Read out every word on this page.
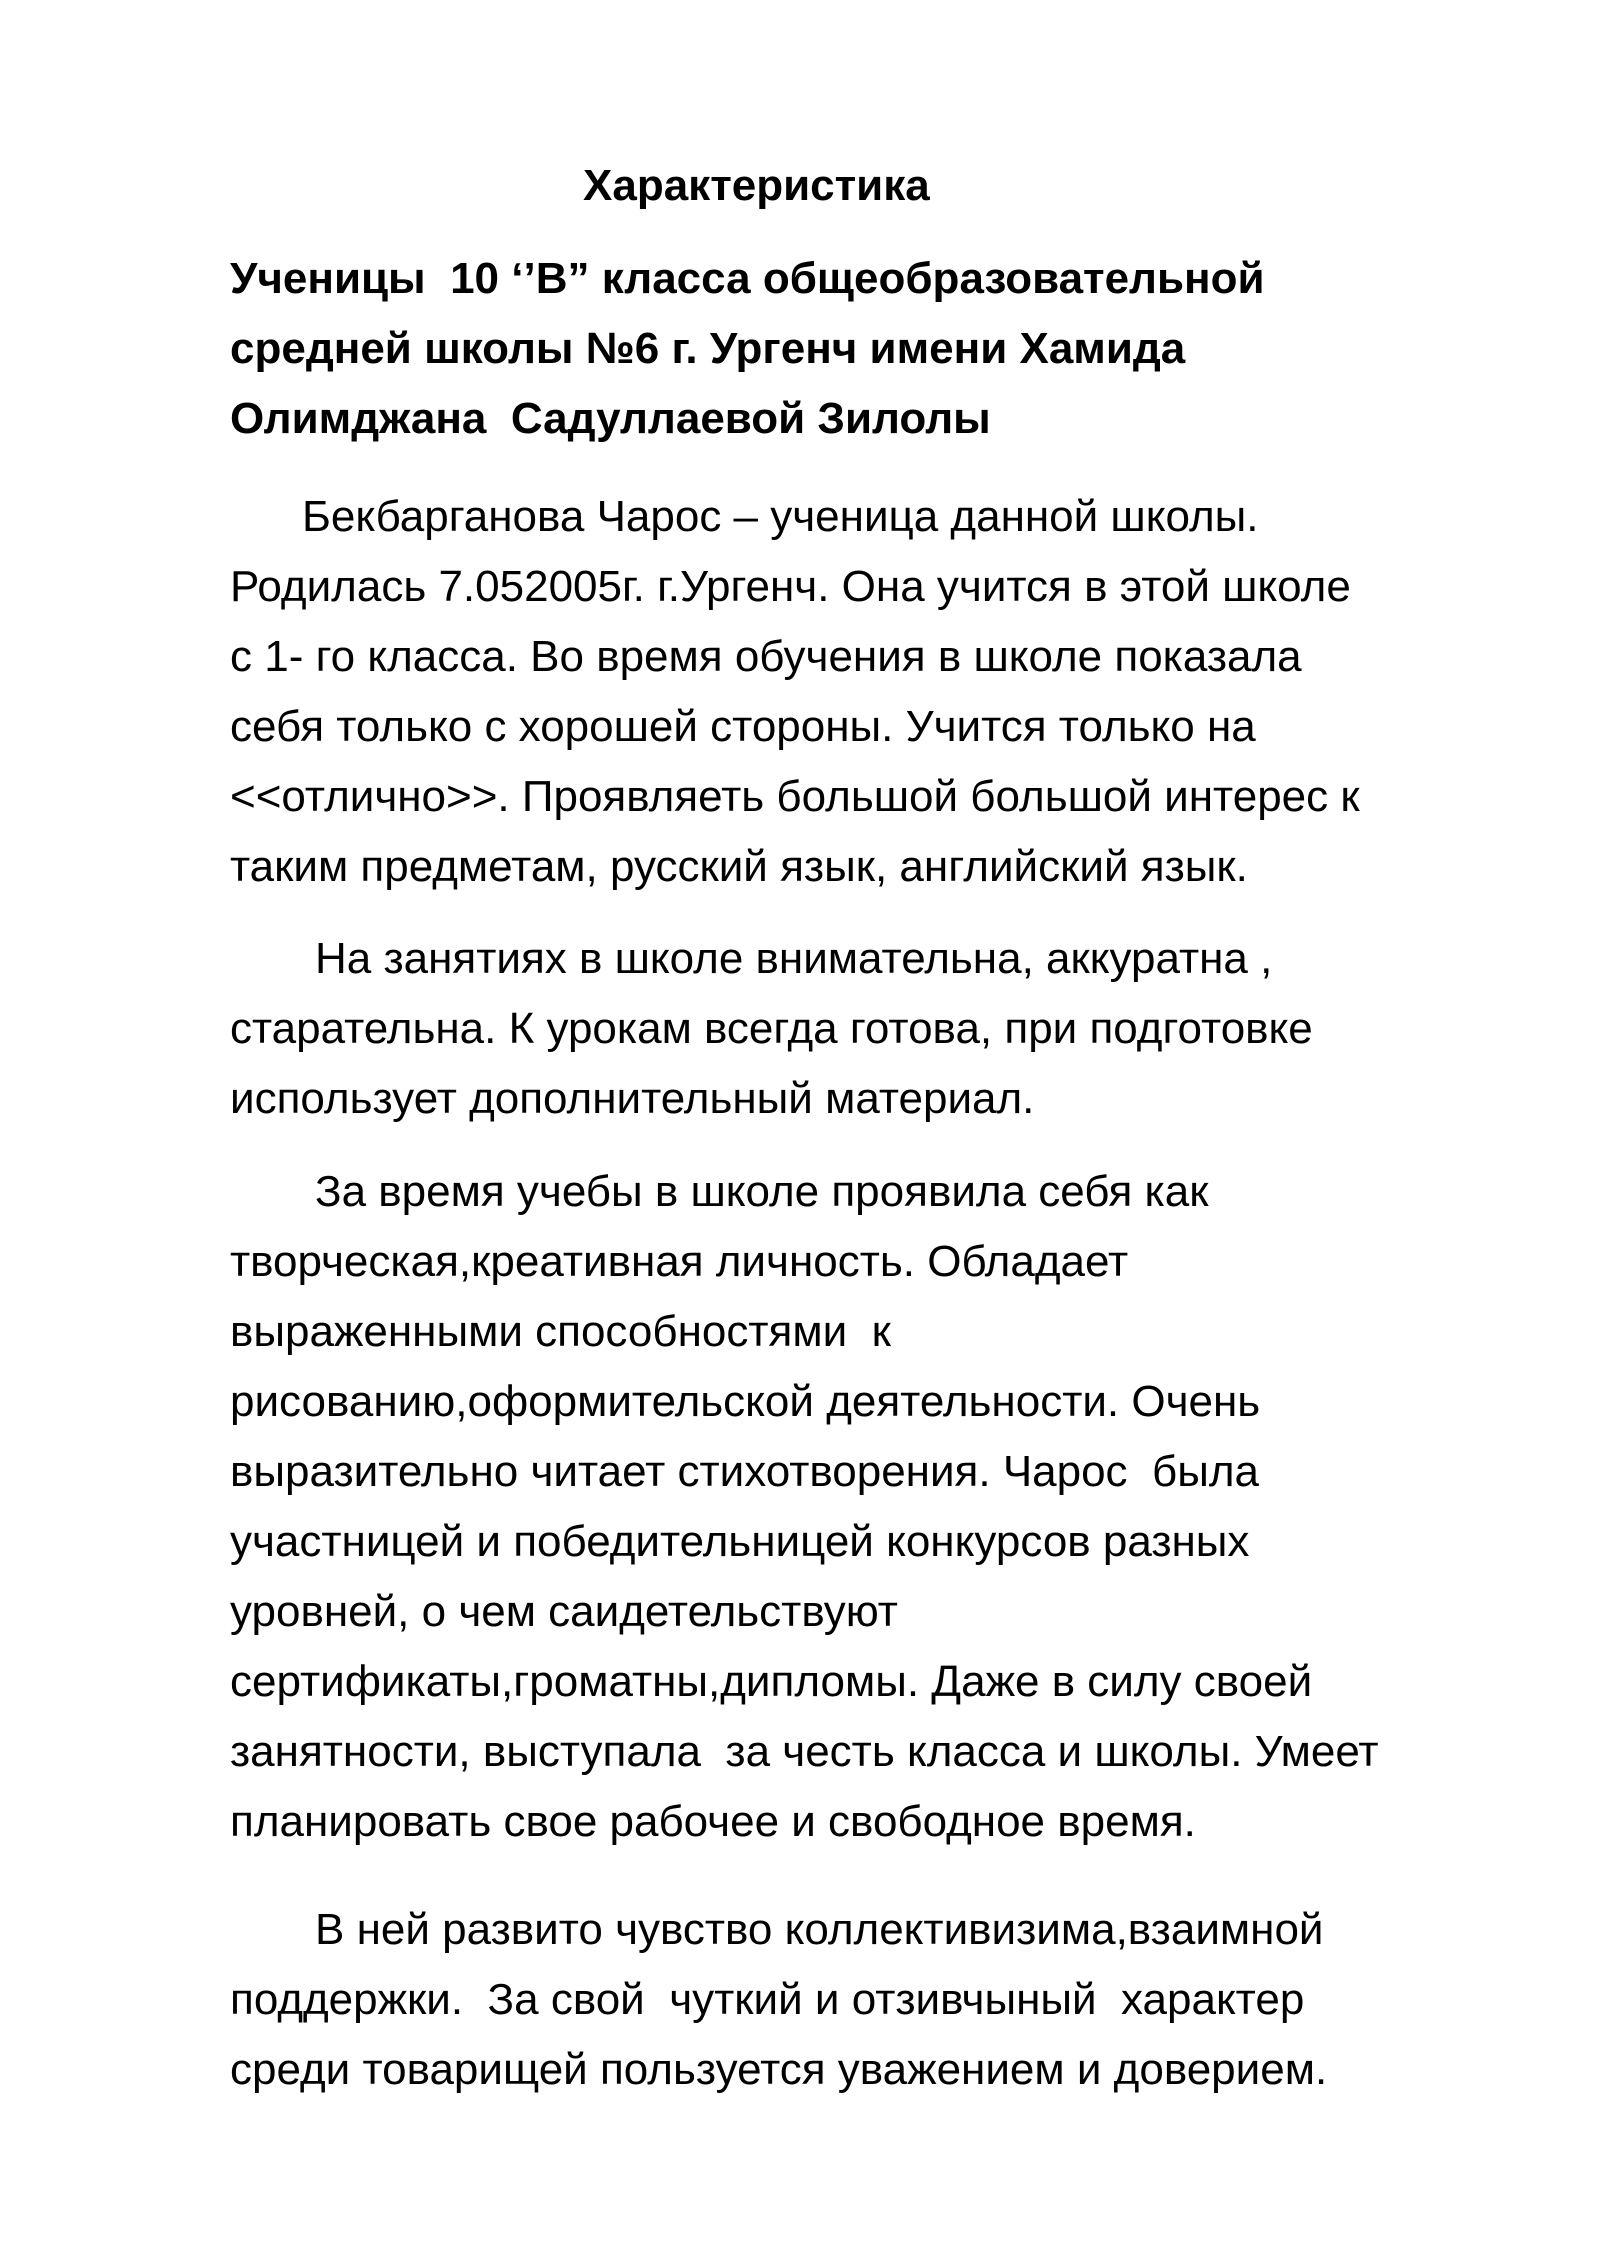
Характеристика
Ученицы  10 ‘’В” класса общеобразовательной
средней школы №6 г. Ургенч имени Хамида
Олимджана  Садуллаевой Зилолы
Бекбарганова Чарос – ученица данной школы.
Родилась 7.052005г. г.Ургенч. Она учится в этой школе
с 1- го класса. Во время обучения в школе показала
себя только с хорошей стороны. Учится только на
<<отлично>>. Проявляеть большой большой интерес к
таким предметам, русский язык, английский язык.
На занятиях в школе внимательна, аккуратна ,
старательна. К урокам всегда готова, при подготовке
использует дополнительный материал.
За время учебы в школе проявила себя как
творческая,креативная личность. Обладает
выраженными способностями  к
рисованию,оформительской деятельности. Очень
выразительно читает стихотворения. Чарос  была
участницей и победительницей конкурсов разных
уровней, о чем саидетельствуют
сертификаты,громатны,дипломы. Даже в силу своей
занятности, выступала  за честь класса и школы. Умеет
планировать свое рабочее и свободное время.
В ней развито чувство коллективизима,взаимной
поддержки.  За свой  чуткий и отзивчыный  характер
среди товарищей пользуется уважением и доверием.
